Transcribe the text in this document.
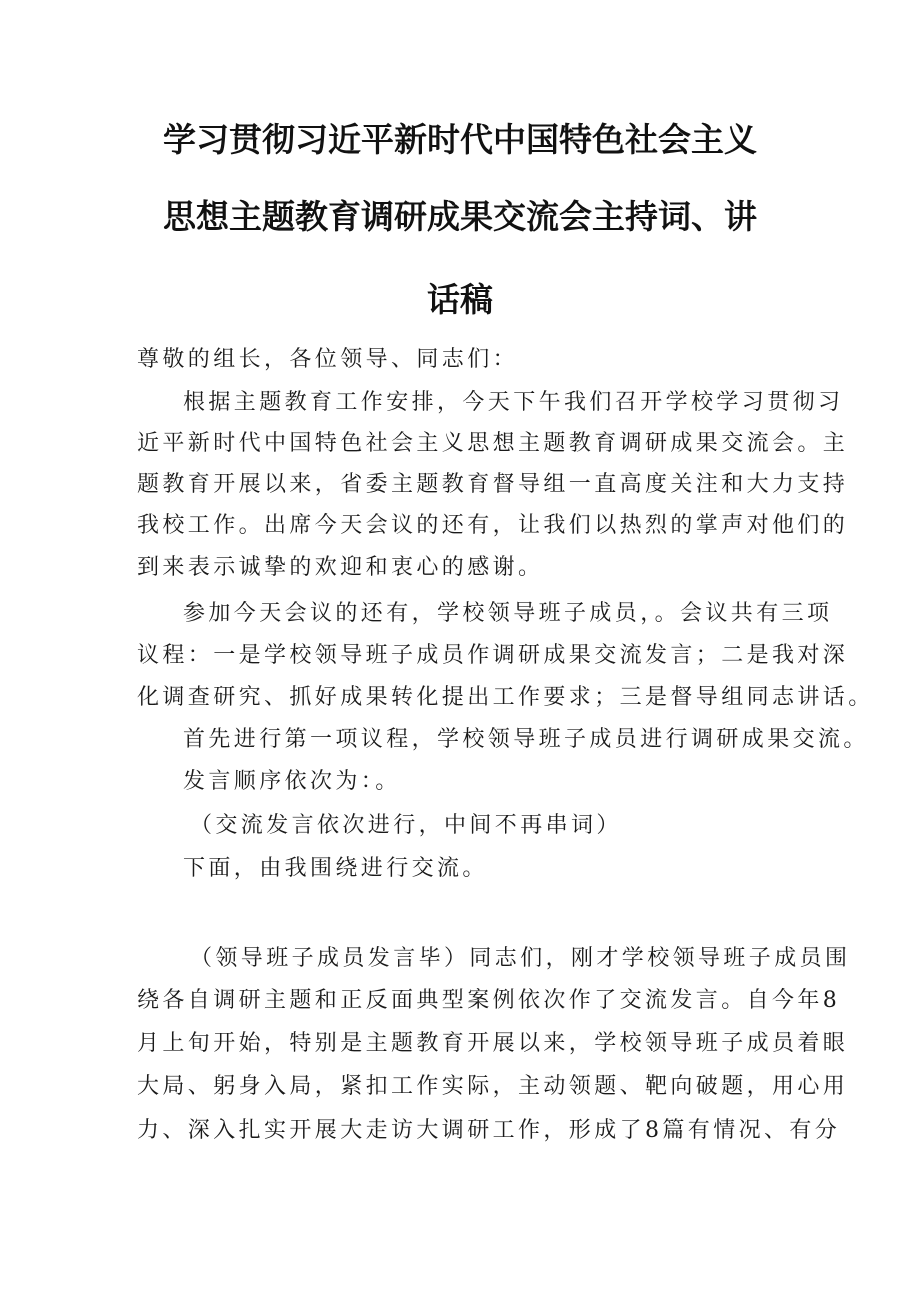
学习贯彻习近平新时代中国特色社会主义
思想主题教育调研成果交流会主持词、讲
话稿
尊敬的组长，各位领导、同志们：
根据主题教育工作安排，今天下午我们召开学校学习贯彻习
近平新时代中国特色社会主义思想主题教育调研成果交流会。主
题教育开展以来，省委主题教育督导组一直高度关注和大力支持
我校工作。出席今天会议的还有，让我们以热烈的掌声对他们的
到来表示诚挚的欢迎和衷心的感谢。
参加今天会议的还有，学校领导班子成员，。会议共有三项
议程：一是学校领导班子成员作调研成果交流发言；二是我对深
化调查研究、抓好成果转化提出工作要求；三是督导组同志讲话。
首先进行第一项议程，学校领导班子成员进行调研成果交流。
发言顺序依次为：。
（交流发言依次进行，中间不再串词）
下面，由我围绕进行交流。
（领导班子成员发言毕）同志们，刚才学校领导班子成员围
绕各自调研主题和正反面典型案例依次作了交流发言。自今年8
月上旬开始，特别是主题教育开展以来，学校领导班子成员着眼
大局、躬身入局，紧扣工作实际，主动领题、靶向破题，用心用
力、深入扎实开展大走访大调研工作，形成了8篇有情况、有分
